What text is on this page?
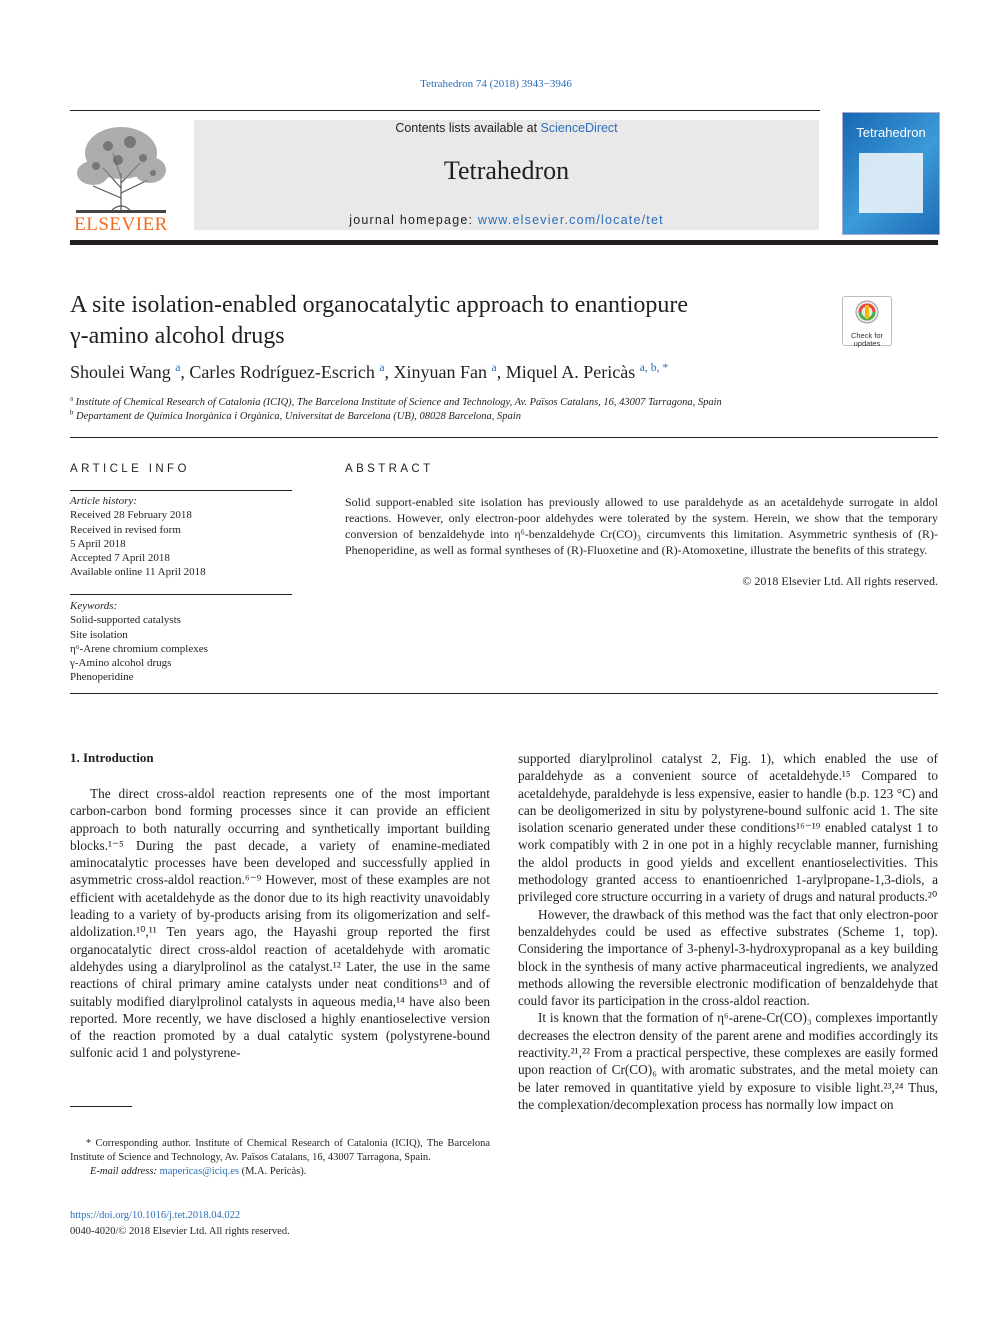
Tetrahedron 74 (2018) 3943−3946
ELSEVIER
Contents lists available at ScienceDirect
Tetrahedron
journal homepage: www.elsevier.com/locate/tet
Tetrahedron
A site isolation-enabled organocatalytic approach to enantiopure
γ-amino alcohol drugs	Check for updates
Shoulei Wang $^a$, Carles Rodríguez-Escrich $^a$, Xinyuan Fan $^a$, Miquel A. Pericàs $^{a, b, *}$
$^a$ Institute of Chemical Research of Catalonia (ICIQ), The Barcelona Institute of Science and Technology, Av. Països Catalans, 16, 43007 Tarragona, Spain
$^b$ Departament de Química Inorgànica i Orgànica, Universitat de Barcelona (UB), 08028 Barcelona, Spain
ARTICLE INFO	ABSTRACT
Article history:
Received 28 February 2018
Received in revised form
5 April 2018
Accepted 7 April 2018
Available online 11 April 2018
Keywords:
Solid-supported catalysts
Site isolation
η⁶-Arene chromium complexes
γ-Amino alcohol drugs
Phenoperidine
Solid support-enabled site isolation has previously allowed to use paraldehyde as an acetaldehyde surrogate in aldol reactions. However, only electron-poor aldehydes were tolerated by the system. Herein, we show that the temporary conversion of benzaldehyde into η⁶-benzaldehyde Cr(CO)₃ circumvents this limitation. Asymmetric synthesis of (R)-Phenoperidine, as well as formal syntheses of (R)-Fluoxetine and (R)-Atomoxetine, illustrate the benefits of this strategy.
© 2018 Elsevier Ltd. All rights reserved.
1. Introduction

The direct cross-aldol reaction represents one of the most important carbon-carbon bond forming processes since it can provide an efficient approach to both naturally occurring and synthetically important building blocks.¹⁻⁵ During the past decade, a variety of enamine-mediated aminocatalytic processes have been developed and successfully applied in asymmetric cross-aldol reaction.⁶⁻⁹ However, most of these examples are not efficient with acetaldehyde as the donor due to its high reactivity unavoidably leading to a variety of by-products arising from its oligomerization and self-aldolization.¹⁰,¹¹ Ten years ago, the Hayashi group reported the first organocatalytic direct cross-aldol reaction of acetaldehyde with aromatic aldehydes using a diarylprolinol as the catalyst.¹² Later, the use in the same reactions of chiral primary amine catalysts under neat conditions¹³ and of suitably modified diarylprolinol catalysts in aqueous media,¹⁴ have also been reported. More recently, we have disclosed a highly enantioselective version of the reaction promoted by a dual catalytic system (polystyrene-bound sulfonic acid 1 and polystyrene-

supported diarylprolinol catalyst 2, Fig. 1), which enabled the use of paraldehyde as a convenient source of acetaldehyde.¹⁵ Compared to acetaldehyde, paraldehyde is less expensive, easier to handle (b.p. 123 °C) and can be deoligomerized in situ by polystyrene-bound sulfonic acid 1. The site isolation scenario generated under these conditions¹⁶⁻¹⁹ enabled catalyst 1 to work compatibly with 2 in one pot in a highly recyclable manner, furnishing the aldol products in good yields and excellent enantioselectivities. This methodology granted access to enantioenriched 1-arylpropane-1,3-diols, a privileged core structure occurring in a variety of drugs and natural products.²⁰

However, the drawback of this method was the fact that only electron-poor benzaldehydes could be used as effective substrates (Scheme 1, top). Considering the importance of 3-phenyl-3-hydroxypropanal as a key building block in the synthesis of many active pharmaceutical ingredients, we analyzed methods allowing the reversible electronic modification of benzaldehyde that could favor its participation in the cross-aldol reaction.

It is known that the formation of η⁶-arene-Cr(CO)₃ complexes importantly decreases the electron density of the parent arene and modifies accordingly its reactivity.²¹,²² From a practical perspective, these complexes are easily formed upon reaction of Cr(CO)₆ with aromatic substrates, and the metal moiety can be later removed in quantitative yield by exposure to visible light.²³,²⁴ Thus, the complexation/decomplexation process has normally low impact on

* Corresponding author. Institute of Chemical Research of Catalonia (ICIQ), The Barcelona Institute of Science and Technology, Av. Països Catalans, 16, 43007 Tarragona, Spain.
E-mail address: mapericas@iciq.es (M.A. Pericàs).
https://doi.org/10.1016/j.tet.2018.04.022
0040-4020/© 2018 Elsevier Ltd. All rights reserved.
